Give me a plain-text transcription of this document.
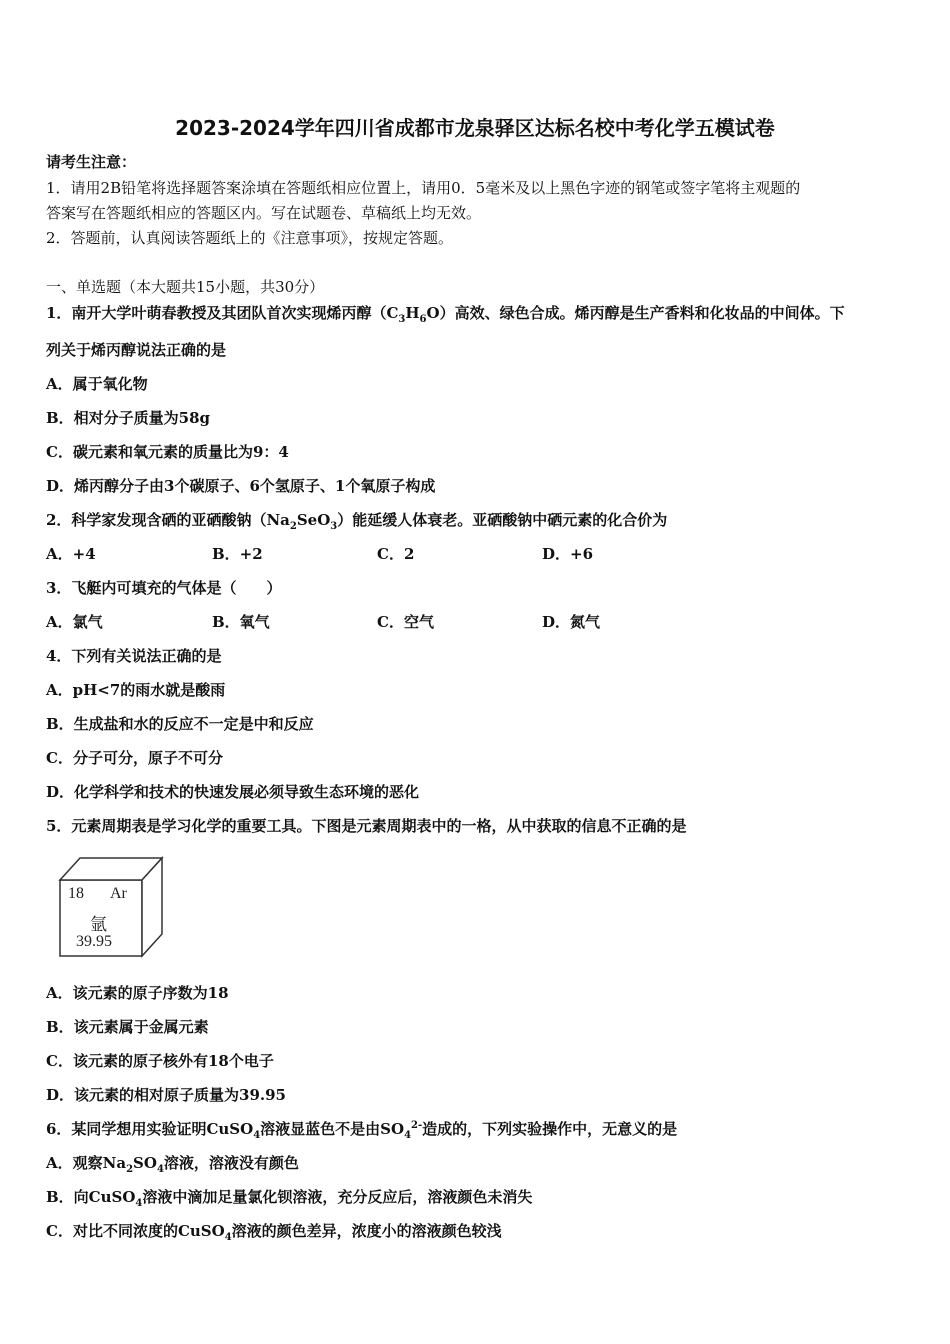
2023-2024学年四川省成都市龙泉驿区达标名校中考化学五模试卷
请考生注意：
1．请用2B铅笔将选择题答案涂填在答题纸相应位置上，请用0．5毫米及以上黑色字迹的钢笔或签字笔将主观题的
答案写在答题纸相应的答题区内。写在试题卷、草稿纸上均无效。
2．答题前，认真阅读答题纸上的《注意事项》，按规定答题。
一、单选题（本大题共15小题，共30分）
1．南开大学叶萌春教授及其团队首次实现烯丙醇$(C_3H_6O)$高效、绿色合成。烯丙醇是生产香料和化妆品的中间体。下
列关于烯丙醇说法正确的是
A．属于氧化物
B．相对分子质量为58g
C．碳元素和氧元素的质量比为9：4
D．烯丙醇分子由3个碳原子、6个氢原子、1个氧原子构成
2．科学家发现含硒的亚硒酸钠$(Na_2SeO_3)$能延缓人体衰老。亚硒酸钠中硒元素的化合价为
A．+4	B．+2	C．2	D．+6
3．飞艇内可填充的气体是（　　）
A．氯气	B．氧气	C．空气	D．氮气
4．下列有关说法正确的是
A．pH<7的雨水就是酸雨
B．生成盐和水的反应不一定是中和反应
C．分子可分，原子不可分
D．化学科学和技术的快速发展必须导致生态环境的恶化
5．元素周期表是学习化学的重要工具。下图是元素周期表中的一格，从中获取的信息不正确的是
18 Ar
氩
39.95
A．该元素的原子序数为18
B．该元素属于金属元素
C．该元素的原子核外有18个电子
D．该元素的相对原子质量为39.95
6．某同学想用实验证明CuSO$_4$溶液显蓝色不是由$SO_4^{2-}$造成的，下列实验操作中，无意义的是
A．观察$Na_2SO_4$溶液，溶液没有颜色
B．向CuSO$_4$溶液中滴加足量氯化钡溶液，充分反应后，溶液颜色未消失
C．对比不同浓度的CuSO$_4$溶液的颜色差异，浓度小的溶液颜色较浅
